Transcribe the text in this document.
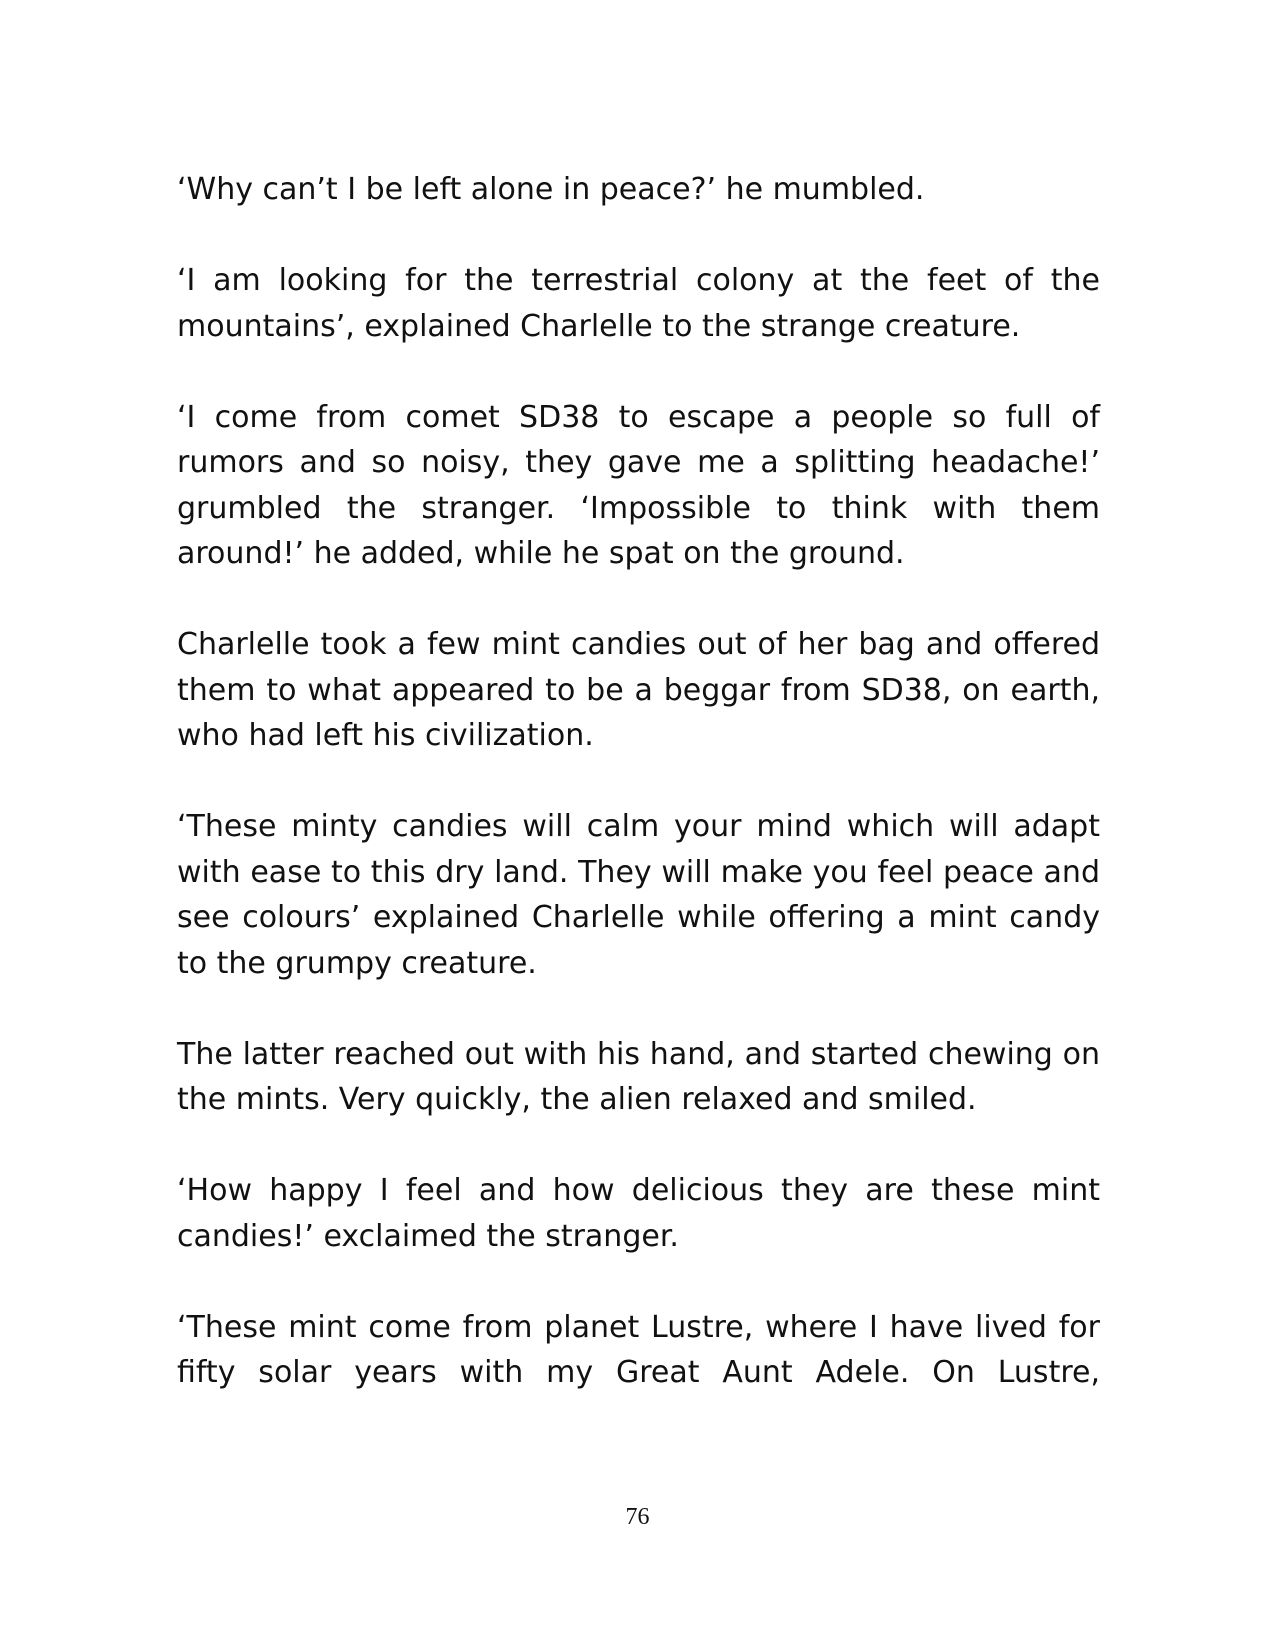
‘Why can’t I be left alone in peace?’ he mumbled.

‘I am looking for the terrestrial colony at the feet of the mountains’, explained Charlelle to the strange creature.

‘I come from comet SD38 to escape a people so full of rumors and so noisy, they gave me a splitting headache!’ grumbled the stranger. ‘Impossible to think with them around!’ he added, while he spat on the ground.

Charlelle took a few mint candies out of her bag and offered them to what appeared to be a beggar from SD38, on earth, who had left his civilization.

‘These minty candies will calm your mind which will adapt with ease to this dry land. They will make you feel peace and see colours’ explained Charlelle while offering a mint candy to the grumpy creature.

The latter reached out with his hand, and started chewing on the mints. Very quickly, the alien relaxed and smiled.

‘How happy I feel and how delicious they are these mint candies!’ exclaimed the stranger.

‘These mint come from planet Lustre, where I have lived for fifty solar years with my Great Aunt Adele. On Lustre,

76
